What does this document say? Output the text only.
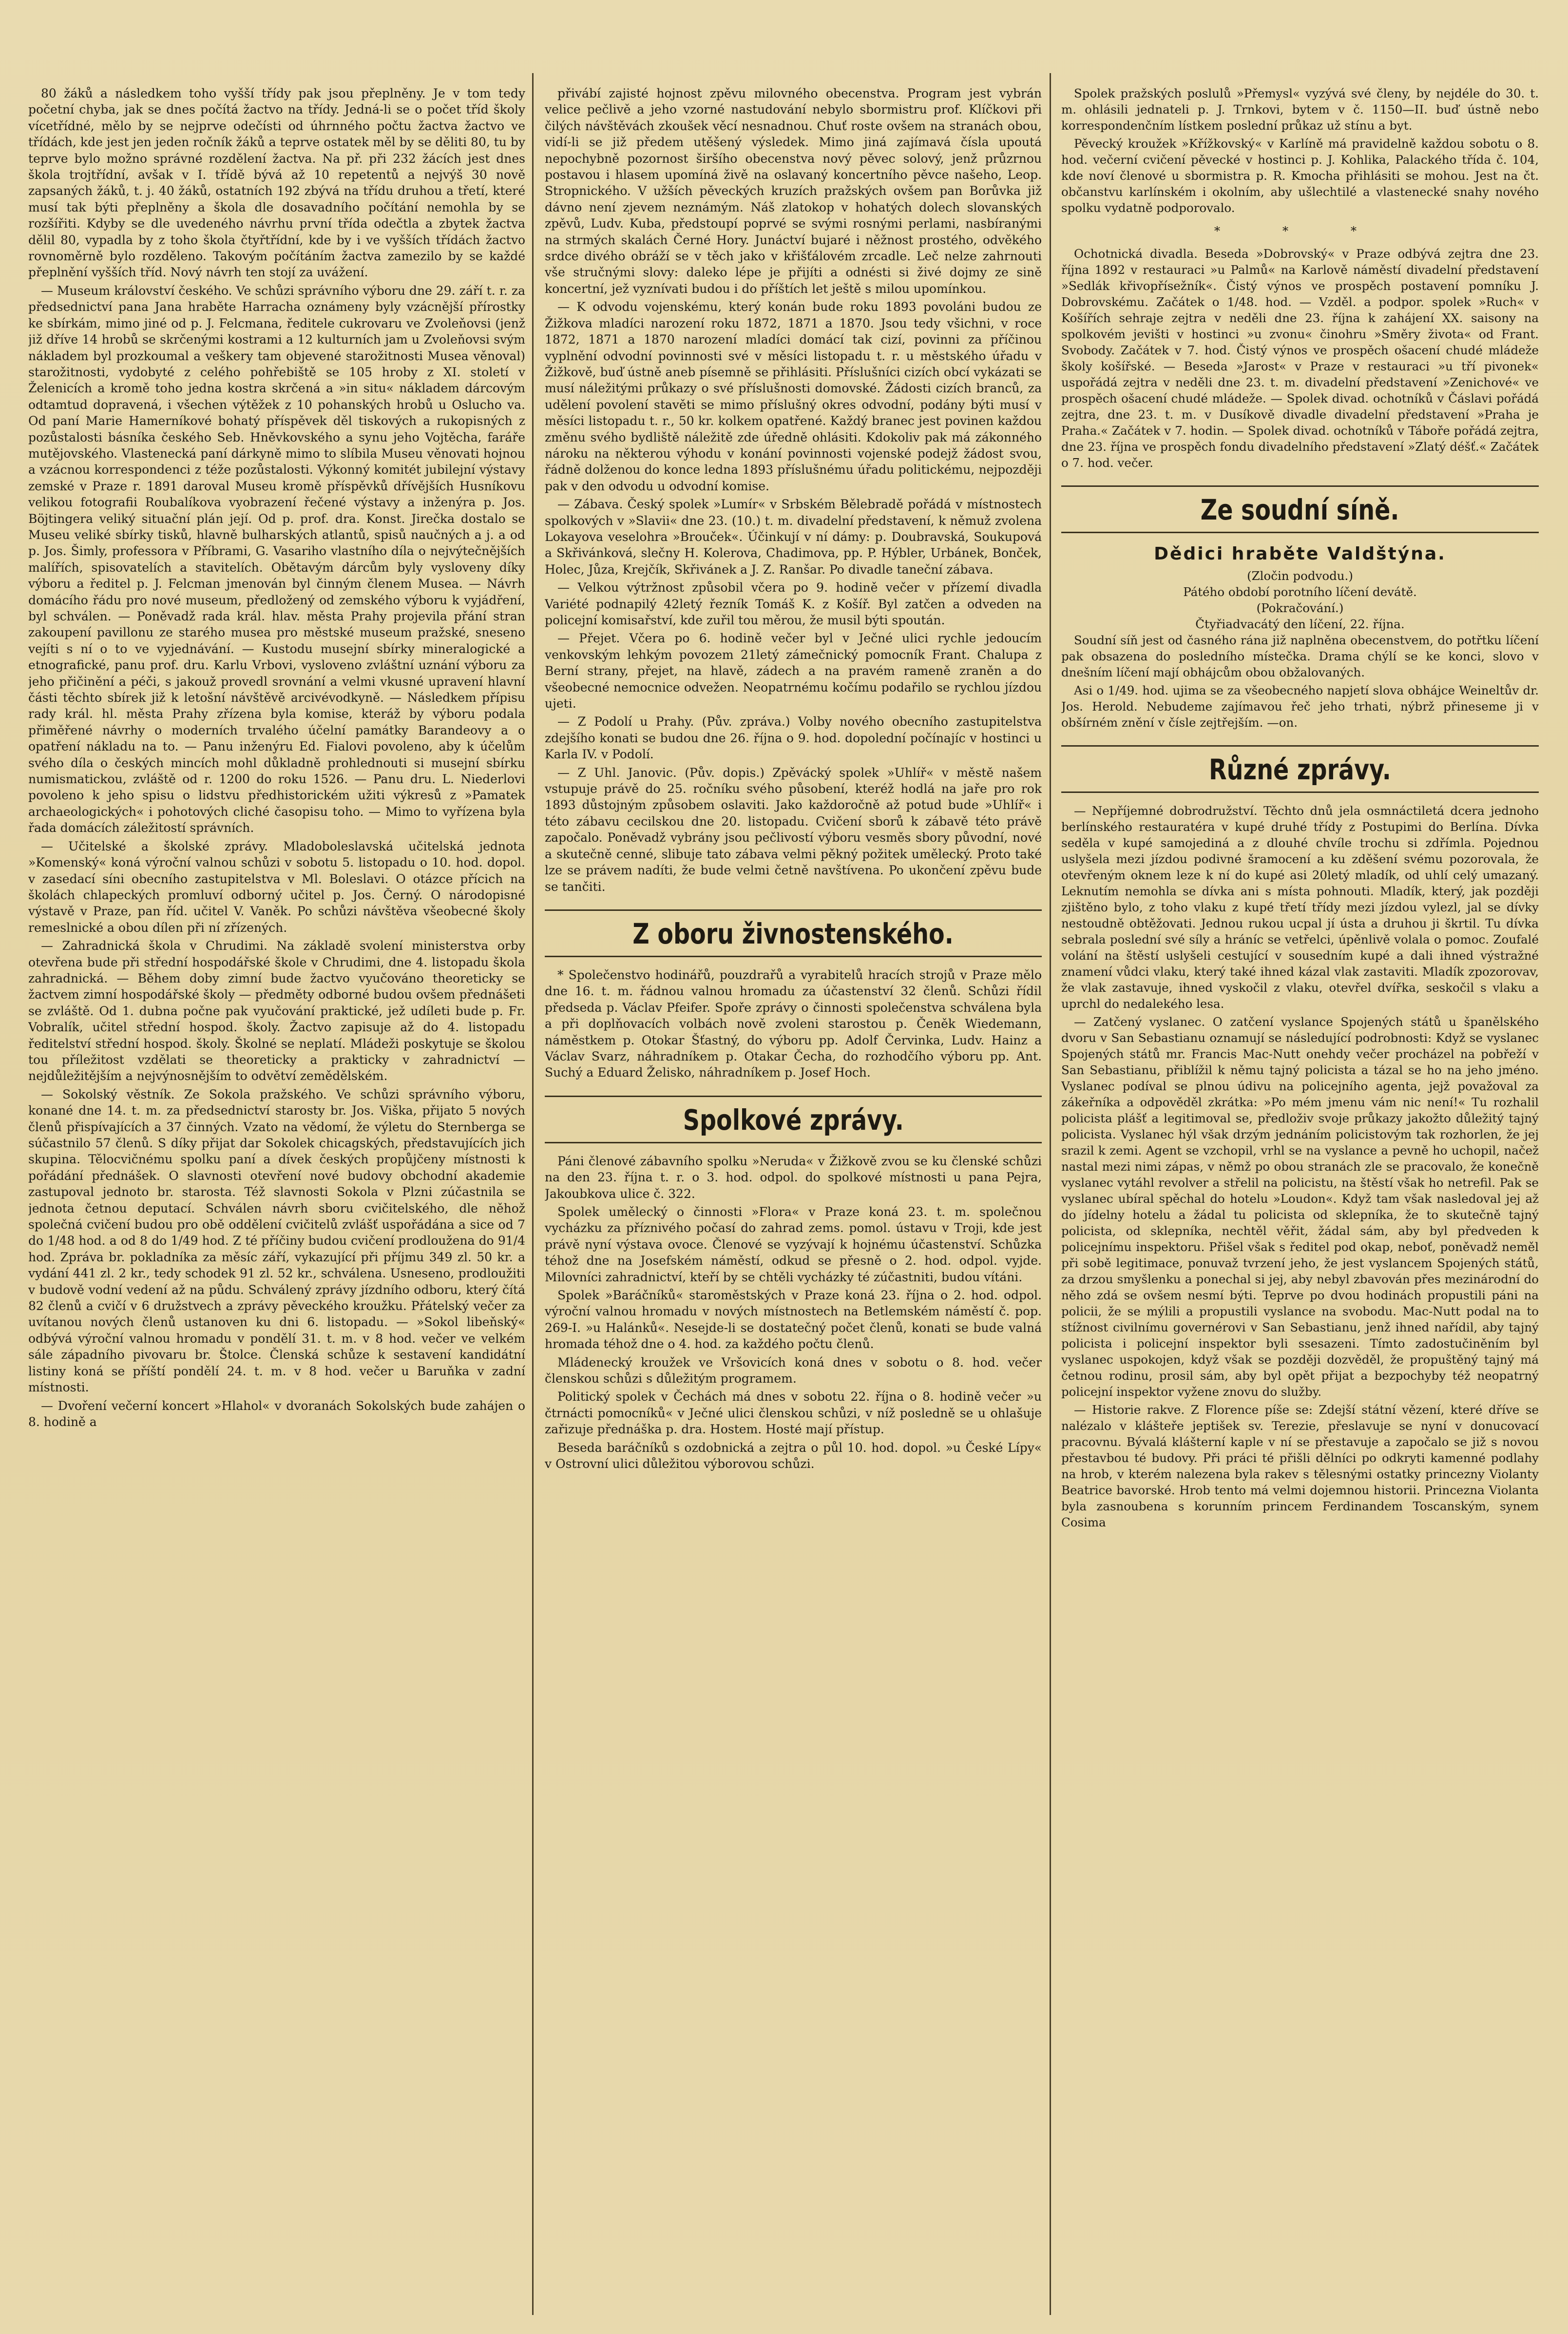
80 žáků a následkem toho vyšší třídy pak jsou přeplněny. Je v tom tedy početní chyba, jak se dnes počítá žactvo na třídy. Jedná-li se o počet tříd školy vícetřídné, mělo by se nejprve odečísti od úhrnného počtu žactva žactvo ve třídách, kde jest jen jeden ročník žáků a teprve ostatek měl by se děliti 80, tu by teprve bylo možno správné rozdělení žactva. Na př. při 232 žácích jest dnes škola trojtřídní, avšak v I. třídě bývá až 10 repetentů a nejvýš 30 nově zapsaných žáků, t. j. 40 žáků, ostatních 192 zbývá na třídu druhou a třetí, které musí tak býti přeplněny a škola dle dosavadního počítání nemohla by se rozšířiti. Kdyby se dle uvedeného návrhu první třída odečtla a zbytek žactva dělil 80, vypadla by z toho škola čtyřtřídní, kde by i ve vyšších třídách žactvo rovnoměrně bylo rozděleno. Takovým počítáním žactva zamezilo by se každé přeplnění vyšších tříd. Nový návrh ten stojí za uvážení.

— Museum království českého. Ve schůzi správního výboru dne 29. září t. r. za předsednictví pana Jana hraběte Harracha oznámeny byly vzácnější přírostky ke sbírkám, mimo jiné od p. J. Felcmana, ředitele cukrovaru ve Zvoleňovsi (jenž již dříve 14 hrobů se skrčenými kostrami a 12 kulturních jam u Zvoleňovsi svým nákladem byl prozkoumal a veškery tam objevené starožitnosti Musea věnoval) starožitnosti, vydobyté z celého pohřebiště se 105 hroby z XI. století v Želenicích a kromě toho jedna kostra skrčená a »in situ« nákladem dárcovým odtamtud dopravená, i všechen výtěžek z 10 pohanských hrobů u Oslucho va. Od paní Marie Hamerníkové bohatý příspěvek děl tiskových a rukopisných z pozůstalosti básníka českého Seb. Hněvkovského a synu jeho Vojtěcha, faráře mutějovského. Vlastenecká paní dárkyně mimo to slíbila Museu věnovati hojnou a vzácnou korrespondenci z téže pozůstalosti. Výkonný komitét jubilejní výstavy zemské v Praze r. 1891 daroval Museu kromě příspěvků dřívějších Husníkovu velikou fotografii Roubalíkova vyobrazení řečené výstavy a inženýra p. Jos. Böjtingera veliký situační plán její. Od p. prof. dra. Konst. Jirečka dostalo se Museu veliké sbírky tisků, hlavně bulharských atlantů, spisů naučných a j. a od p. Jos. Šimly, professora v Příbrami, G. Vasariho vlastního díla o nejvýtečnějších malířích, spisovatelích a stavitelích. Obětavým dárcům byly vysloveny díky výboru a ředitel p. J. Felcman jmenován byl činným členem Musea. — Návrh domácího řádu pro nové museum, předložený od zemského výboru k vyjádření, byl schválen. — Poněvadž rada král. hlav. města Prahy projevila přání stran zakoupení pavillonu ze starého musea pro městské museum pražské, sneseno vejíti s ní o to ve vyjednávání. — Kustodu musejní sbírky mineralogické a etnografické, panu prof. dru. Karlu Vrbovi, vysloveno zvláštní uznání výboru za jeho přičinění a péči, s jakouž provedl srovnání a velmi vkusné upravení hlavní části těchto sbírek již k letošní návštěvě arcivévodkyně. — Následkem přípisu rady král. hl. města Prahy zřízena byla komise, kteráž by výboru podala přiměřené návrhy o moderních trvalého účelní památky Barandeovy a o opatření nákladu na to. — Panu inženýru Ed. Fialovi povoleno, aby k účelům svého díla o českých mincích mohl důkladně prohlednouti si musejní sbírku numismatickou, zvláště od r. 1200 do roku 1526. — Panu dru. L. Niederlovi povoleno k jeho spisu o lidstvu předhistorickém užiti výkresů z »Pamatek archaeologických« i pohotových cliché časopisu toho. — Mimo to vyřízena byla řada domácích záležitostí správních.

— Učitelské a školské zprávy. Mladoboleslavská učitelská jednota »Komenský« koná výroční valnou schůzi v sobotu 5. listopadu o 10. hod. dopol. v zasedací síni obecního zastupitelstva v Ml. Boleslavi. O otázce přícich na školách chlapeckých promluví odborný učitel p. Jos. Černý. O národopisné výstavě v Praze, pan říd. učitel V. Vaněk. Po schůzi návštěva všeobecné školy remeslnické a obou dílen při ní zřízených.

— Zahradnická škola v Chrudimi. Na základě svolení ministerstva orby otevřena bude při střední hospodářské škole v Chrudimi, dne 4. listopadu škola zahradnická. — Během doby zimní bude žactvo vyučováno theoreticky se žactvem zimní hospodářské školy — předměty odborné budou ovšem přednášeti se zvláště. Od 1. dubna počne pak vyučování praktické, jež udíleti bude p. Fr. Vobralík, učitel střední hospod. školy. Žactvo zapisuje až do 4. listopadu ředitelství střední hospod. školy. Školné se neplatí. Mládeži poskytuje se školou tou příležitost vzdělati se theoreticky a prakticky v zahradnictví — nejdůležitějším a nejvýnosnějším to odvětví zemědělském.

— Sokolský věstník. Ze Sokola pražského. Ve schůzi správního výboru, konané dne 14. t. m. za předsednictví starosty br. Jos. Viška, přijato 5 nových členů přispívajících a 37 činných. Vzato na vědomí, že výletu do Sternberga se súčastnilo 57 členů. S díky přijat dar Sokolek chicagských, představujících jich skupina. Tělocvičnému spolku paní a dívek českých propůjčeny místnosti k pořádání přednášek. O slavnosti otevření nové budovy obchodní akademie zastupoval jednoto br. starosta. Též slavnosti Sokola v Plzni zúčastnila se jednota četnou deputací. Schválen návrh sboru cvičitelského, dle něhož společná cvičení budou pro obě oddělení cvičitelů zvlášť uspořádána a sice od 7 do 1/48 hod. a od 8 do 1/49 hod. Z té příčiny budou cvičení prodloužena do 91/4 hod. Zpráva br. pokladníka za měsíc září, vykazující při příjmu 349 zl. 50 kr. a vydání 441 zl. 2 kr., tedy schodek 91 zl. 52 kr., schválena. Usneseno, prodloužiti v budově vodní vedení až na půdu. Schválený zprávy jízdního odboru, který čítá 82 členů a cvičí v 6 družstvech a zprávy pěveckého kroužku. Přátelský večer za uvítanou nových členů ustanoven ku dni 6. listopadu. — »Sokol libeňský« odbývá výroční valnou hromadu v pondělí 31. t. m. v 8 hod. večer ve velkém sále západního pivovaru br. Štolce. Členská schůze k sestavení kandidátní listiny koná se příští pondělí 24. t. m. v 8 hod. večer u Baruňka v zadní místnosti.

— Dvoření večerní koncert »Hlahol« v dvoranách Sokolských bude zahájen o 8. hodině a

přivábí zajisté hojnost zpěvu milovného obecenstva. Program jest vybrán velice pečlivě a jeho vzorné nastudování nebylo sbormistru prof. Klíčkovi při čilých návštěvách zkoušek věcí nesnadnou. Chuť roste ovšem na stranách obou, vidí-li se již předem utěšený výsledek. Mimo jiná zajímavá čísla upoutá nepochybně pozornost širšího obecenstva nový pěvec solový, jenž průzrnou postavou i hlasem upomíná živě na oslavaný koncertního pěvce našeho, Leop. Stropnického. V užších pěveckých kruzích pražských ovšem pan Borůvka již dávno není zjevem neznámým. Náš zlatokop v hohatých dolech slovanských zpěvů, Ludv. Kuba, předstoupí poprvé se svými rosnými perlami, nasbíranými na strmých skalách Černé Hory. Junáctví bujaré i něžnost prostého, odvěkého srdce divého obráží se v těch jako v křišťálovém zrcadle. Leč nelze zahrnouti vše stručnými slovy: daleko lépe je přijíti a odnésti si živé dojmy ze sině koncertní, jež vyznívati budou i do příštích let ještě s milou upomínkou.

— K odvodu vojenskému, který konán bude roku 1893 povoláni budou ze Žižkova mladíci narození roku 1872, 1871 a 1870. Jsou tedy všichni, v roce 1872, 1871 a 1870 narození mladíci domácí tak cizí, povinni za příčinou vyplnění odvodní povinnosti své v měsíci listopadu t. r. u městského úřadu v Žižkově, buď ústně aneb písemně se přihlásiti. Příslušníci cizích obcí vykázati se musí náležitými průkazy o své příslušnosti domovské. Žádosti cizích branců, za udělení povolení stavěti se mimo příslušný okres odvodní, podány býti musí v měsíci listopadu t. r., 50 kr. kolkem opatřené. Každý branec jest povinen každou změnu svého bydliště náležitě zde úředně ohlásiti. Kdokoliv pak má zákonného nároku na některou výhodu v konání povinnosti vojenské podejž žádost svou, řádně dolženou do konce ledna 1893 příslušnému úřadu politickému, nejpozději pak v den odvodu u odvodní komise.

— Zábava. Český spolek »Lumír« v Srbském Bělebradě pořádá v místnostech spolkových v »Slavii« dne 23. (10.) t. m. divadelní představení, k němuž zvolena Lokayova veselohra »Brouček«. Účinkují v ní dámy: p. Doubravská, Soukupová a Skřivánková, slečny H. Kolerova, Chadimova, pp. P. Hýbler, Urbánek, Bonček, Holec, Jůza, Krejčík, Skřivánek a J. Z. Ranšar. Po divadle taneční zábava.

— Velkou výtržnost způsobil včera po 9. hodině večer v přízemí divadla Variété podnapilý 42letý řezník Tomáš K. z Košíř. Byl zatčen a odveden na policejní komisařství, kde zuřil tou měrou, že musil býti spoután.

— Přejet. Včera po 6. hodině večer byl v Ječné ulici rychle jedoucím venkovským lehkým povozem 21letý zámečnický pomocník Frant. Chalupa z Berní strany, přejet, na hlavě, zádech a na pravém rameně zraněn a do všeobecné nemocnice odvežen. Neopatrnému kočímu podařilo se rychlou jízdou ujeti.

— Z Podolí u Prahy. (Pův. zpráva.) Volby nového obecního zastupitelstva zdejšího konati se budou dne 26. října o 9. hod. dopolední počínajíc v hostinci u Karla IV. v Podolí.

— Z Uhl. Janovic. (Pův. dopis.) Zpěvácký spolek »Uhlíř« v městě našem vstupuje právě do 25. ročníku svého působení, kteréž hodlá na jaře pro rok 1893 důstojným způsobem oslaviti. Jako každoročně až potud bude »Uhlíř« i této zábavu cecilskou dne 20. listopadu. Cvičení sborů k zábavě této právě započalo. Poněvadž vybrány jsou pečlivostí výboru vesměs sbory původní, nové a skutečně cenné, slibuje tato zábava velmi pěkný požitek umělecký. Proto také lze se právem nadíti, že bude velmi četně navštívena. Po ukončení zpěvu bude se tančiti.

Z oboru živnostenského.

* Společenstvo hodinářů, pouzdrařů a vyrabitelů hracích strojů v Praze mělo dne 16. t. m. řádnou valnou hromadu za účastenství 32 členů. Schůzi řídil předseda p. Václav Pfeifer. Spoře zprávy o činnosti společenstva schválena byla a při doplňovacích volbách nově zvoleni starostou p. Čeněk Wiedemann, náměstkem p. Otokar Šťastný, do výboru pp. Adolf Červinka, Ludv. Hainz a Václav Svarz, náhradníkem p. Otakar Čecha, do rozhodčího výboru pp. Ant. Suchý a Eduard Želisko, náhradníkem p. Josef Hoch.

Spolkové zprávy.

Páni členové zábavního spolku »Neruda« v Žižkově zvou se ku členské schůzi na den 23. října t. r. o 3. hod. odpol. do spolkové místnosti u pana Pejra, Jakoubkova ulice č. 322.

Spolek umělecký o činnosti »Flora« v Praze koná 23. t. m. společnou vycházku za příznivého počasí do zahrad zems. pomol. ústavu v Troji, kde jest právě nyní výstava ovoce. Členové se vyzývají k hojnému účastenství. Schůzka téhož dne na Josefském náměstí, odkud se přesně o 2. hod. odpol. vyjde. Milovníci zahradnictví, kteří by se chtěli vycházky té zúčastniti, budou vítáni.

Spolek »Baráčníků« staroměstských v Praze koná 23. října o 2. hod. odpol. výroční valnou hromadu v nových místnostech na Betlemském náměstí č. pop. 269-I. »u Halánků«. Nesejde-li se dostatečný počet členů, konati se bude valná hromada téhož dne o 4. hod. za každého počtu členů.

Mládenecký kroužek ve Vršovicích koná dnes v sobotu o 8. hod. večer členskou schůzi s důležitým programem.

Politický spolek v Čechách má dnes v sobotu 22. října o 8. hodině večer »u čtrnácti pomocníků« v Ječné ulici členskou schůzi, v níž posledně se u ohlašuje zařizuje přednáška p. dra. Hostem. Hosté mají přístup.

Beseda baráčníků s ozdobnická a zejtra o půl 10. hod. dopol. »u České Lípy« v Ostrovní ulici důležitou výborovou schůzi.

Spolek pražských poslulů »Přemysl« vyzývá své členy, by nejdéle do 30. t. m. ohlásili jednateli p. J. Trnkovi, bytem v č. 1150—II. buď ústně nebo korrespondenčním lístkem poslední průkaz už stínu a byt.

Pěvecký kroužek »Křížkovský« v Karlíně má pravidelně každou sobotu o 8. hod. večerní cvičení pěvecké v hostinci p. J. Kohlika, Palackého třída č. 104, kde noví členové u sbormistra p. R. Kmocha přihlásiti se mohou. Jest na čt. občanstvu karlínském i okolním, aby ušlechtilé a vlastenecké snahy nového spolku vydatně podporovalo.

* * *

Ochotnická divadla. Beseda »Dobrovský« v Praze odbývá zejtra dne 23. října 1892 v restauraci »u Palmů« na Karlově náměstí divadelní představení »Sedlák křivopřísežník«. Čistý výnos ve prospěch postavení pomníku J. Dobrovskému. Začátek o 1/48. hod. — Vzděl. a podpor. spolek »Ruch« v Košířích sehraje zejtra v neděli dne 23. října k zahájení XX. saisony na spolkovém jevišti v hostinci »u zvonu« činohru »Směry života« od Frant. Svobody. Začátek v 7. hod. Čistý výnos ve prospěch ošacení chudé mládeže školy košířské. — Beseda »Jarost« v Praze v restauraci »u tří pivonek« uspořádá zejtra v neděli dne 23. t. m. divadelní představení »Zenichové« ve prospěch ošacení chudé mládeže. — Spolek divad. ochotníků v Čáslavi pořádá zejtra, dne 23. t. m. v Dusíkově divadle divadelní představení »Praha je Praha.« Začátek v 7. hodin. — Spolek divad. ochotníků v Táboře pořádá zejtra, dne 23. října ve prospěch fondu divadelního představení »Zlatý déšť.« Začátek o 7. hod. večer.

Ze soudní síně.
Dědici hraběte Valdštýna.

(Zločin podvodu.)

Pátého období porotního líčení devátě.

(Pokračování.)

Čtyřiadvacátý den líčení, 22. října.

Soudní síň jest od časného rána již naplněna obecenstvem, do potřtku líčení pak obsazena do posledního místečka. Drama chýlí se ke konci, slovo v dnešním líčení mají obhájcům obou obžalovaných.

Asi o 1/49. hod. ujima se za všeobecného napjetí slova obhájce Weineltův dr. Jos. Herold. Nebudeme zajímavou řeč jeho trhati, nýbrž přineseme ji v obšírném znění v čísle zejtřejším. —on.

Různé zprávy.

— Nepříjemné dobrodružství. Těchto dnů jela osmnáctiletá dcera jednoho berlínského restauratéra v kupé druhé třídy z Postupimi do Berlína. Dívka seděla v kupé samojediná a z dlouhé chvíle trochu si zdřímla. Pojednou uslyšela mezi jízdou podivné šramocení a ku zděšení svému pozorovala, že otevřeným oknem leze k ní do kupé asi 20letý mladík, od uhlí celý umazaný. Leknutím nemohla se dívka ani s místa pohnouti. Mladík, který, jak později zjištěno bylo, z toho vlaku z kupé třetí třídy mezi jízdou vylezl, jal se dívky nestoudně obtěžovati. Jednou rukou ucpal jí ústa a druhou ji škrtil. Tu dívka sebrala poslední své síly a hráníc se vetřelci, úpěnlivě volala o pomoc. Zoufalé volání na štěstí uslyšeli cestující v sousedním kupé a dali ihned výstražné znamení vůdci vlaku, který také ihned kázal vlak zastaviti. Mladík zpozorovav, že vlak zastavuje, ihned vyskočil z vlaku, otevřel dvířka, seskočil s vlaku a uprchl do nedalekého lesa.

— Zatčený vyslanec. O zatčení vyslance Spojených států u španělského dvoru v San Sebastianu oznamují se následující podrobnosti: Když se vyslanec Spojených států mr. Francis Mac-Nutt onehdy večer procházel na pobřeží v San Sebastianu, přiblížil k němu tajný policista a tázal se ho na jeho jméno. Vyslanec podíval se plnou údivu na policejního agenta, jejž považoval za zákeřníka a odpověděl zkrátka: »Po mém jmenu vám nic není!« Tu rozhalil policista plášť a legitimoval se, předloživ svoje průkazy jakožto důležitý tajný policista. Vyslanec hýl však drzým jednáním policistovým tak rozhorlen, že jej srazil k zemi. Agent se vzchopil, vrhl se na vyslance a pevně ho uchopil, načež nastal mezi nimi zápas, v němž po obou stranách zle se pracovalo, že konečně vyslanec vytáhl revolver a střelil na policistu, na štěstí však ho netrefil. Pak se vyslanec ubíral spěchal do hotelu »Loudon«. Když tam však nasledoval jej až do jídelny hotelu a žádal tu policista od sklepníka, že to skutečně tajný policista, od sklepníka, nechtěl věřit, žádal sám, aby byl předveden k policejnímu inspektoru. Přišel však s ředitel pod okap, neboť, poněvadž neměl při sobě legitimace, ponuvaž tvrzení jeho, že jest vyslancem Spojených států, za drzou smyšlenku a ponechal si jej, aby nebyl zbavován přes mezinárodní do něho zdá se ovšem nesmí býti. Teprve po dvou hodinách propustili páni na policii, že se mýlili a propustili vyslance na svobodu. Mac-Nutt podal na to stížnost civilnímu governérovi v San Sebastianu, jenž ihned nařídil, aby tajný policista i policejní inspektor byli ssesazeni. Tímto zadostučiněním byl vyslanec uspokojen, když však se později dozvěděl, že propuštěný tajný má četnou rodinu, prosil sám, aby byl opět přijat a bezpochyby též neopatrný policejní inspektor vyžene znovu do služby.

— Historie rakve. Z Florence píše se: Zdejší státní vězení, které dříve se nalézalo v klášteře jeptišek sv. Terezie, přeslavuje se nyní v donucovací pracovnu. Bývalá klášterní kaple v ní se přestavuje a započalo se již s novou přestavbou té budovy. Při práci té přišli dělníci po odkryti kamenné podlahy na hrob, v kterém nalezena byla rakev s tělesnými ostatky princezny Violanty Beatrice bavorské. Hrob tento má velmi dojemnou historii. Princezna Violanta byla zasnoubena s korunním princem Ferdinandem Toscanským, synem Cosima
